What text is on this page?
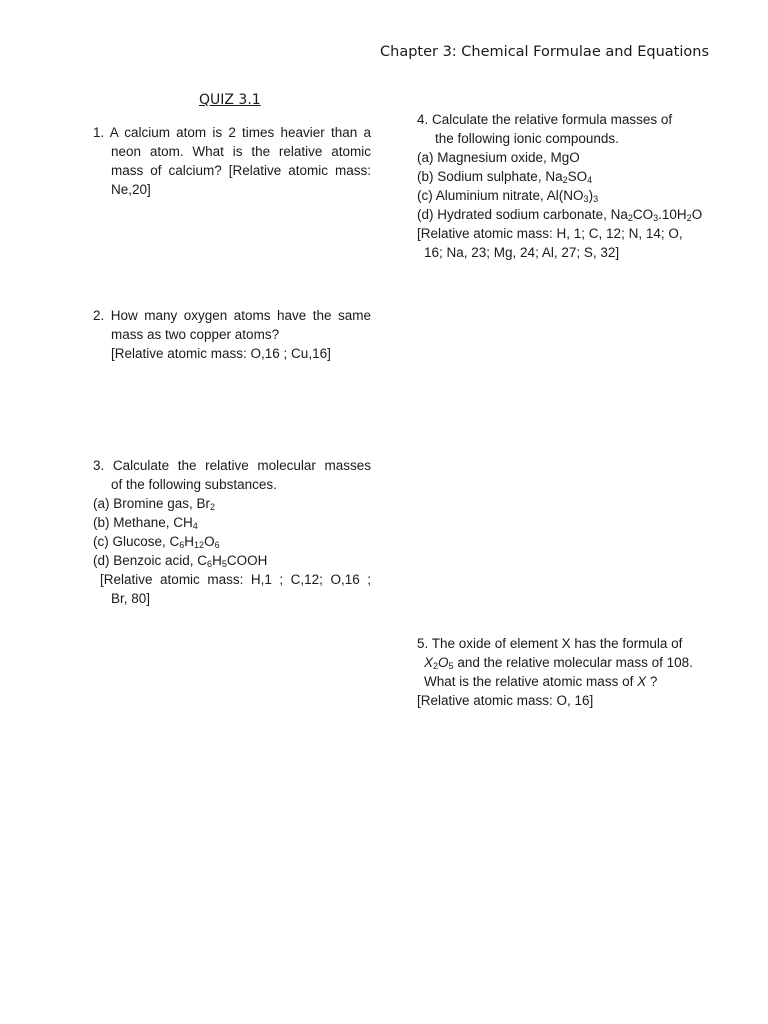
Chapter 3: Chemical Formulae and Equations
QUIZ 3.1
1. A calcium atom is 2 times heavier than a
neon atom. What is the relative atomic
mass of calcium? [Relative atomic mass:
Ne,20]
2. How many oxygen atoms have the same
mass as two copper atoms?
[Relative atomic mass: O,16 ; Cu,16]
3. Calculate the relative molecular masses
of the following substances.
(a) Bromine gas, $Br_2$
(b) Methane, $CH_4$
(c) Glucose, $C_6H_{12}O_6$
(d) Benzoic acid, $C_6H_5COOH$
[Relative atomic mass: H,1 ; C,12; O,16 ;
Br, 80]
4. Calculate the relative formula masses of
the following ionic compounds.
(a) Magnesium oxide, MgO
(b) Sodium sulphate, $Na_2SO_4$
(c) Aluminium nitrate, $Al(NO_3)_3$
(d) Hydrated sodium carbonate, $Na_2CO_3.10H_2O$
[Relative atomic mass: H, 1; C, 12; N, 14; O,
16; Na, 23; Mg, 24; Al, 27; S, 32]
5. The oxide of element X has the formula of
$X_2O_5$ and the relative molecular mass of 108.
What is the relative atomic mass of X ?
[Relative atomic mass: O, 16]
